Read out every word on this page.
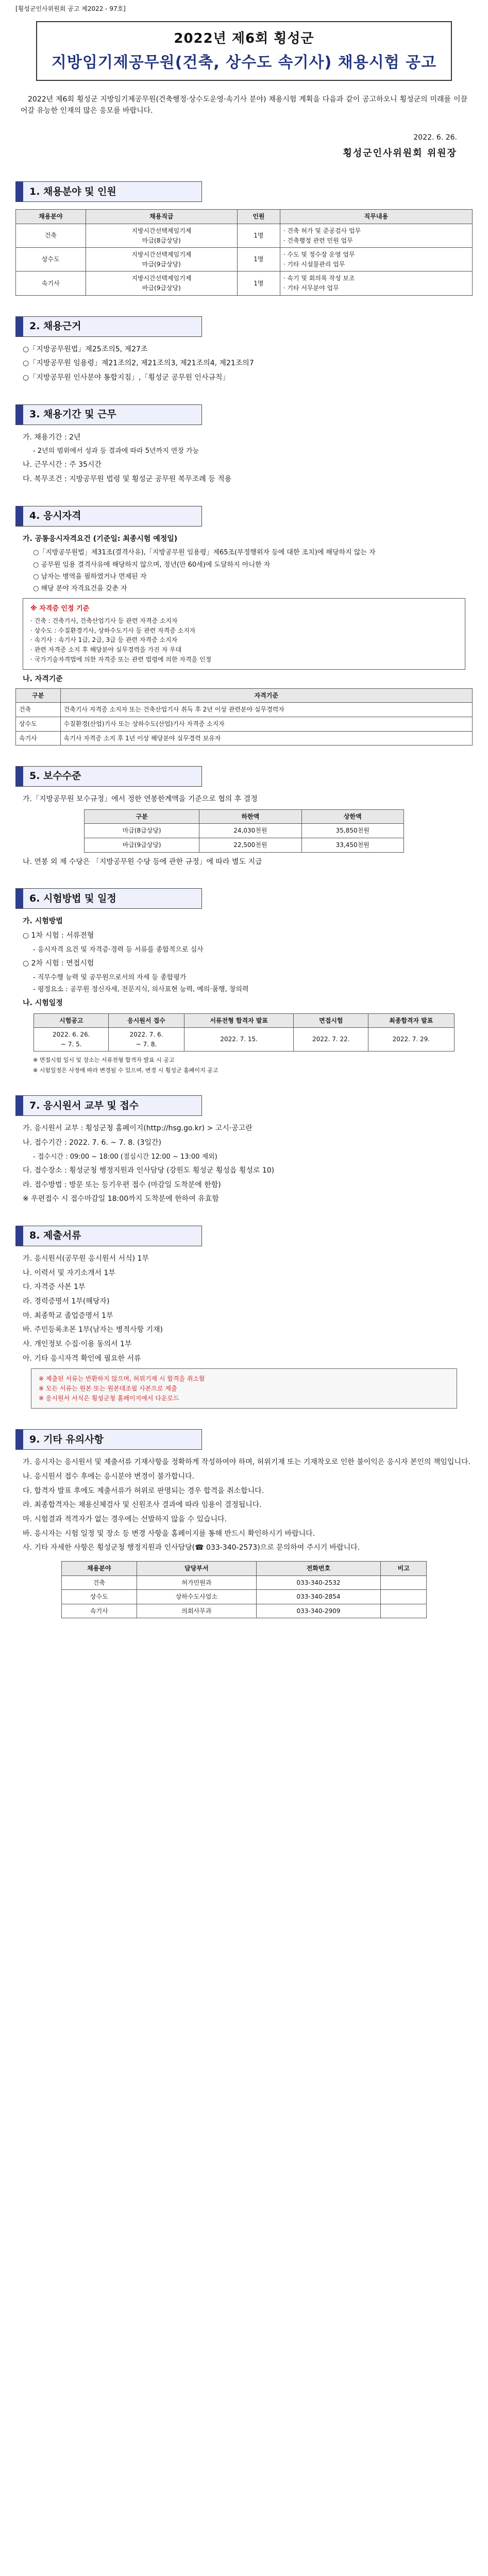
[횡성군인사위원회 공고 제2022 - 97호]
2022년 제6회 횡성군
지방임기제공무원(건축, 상수도 속기사) 채용시험 공고
2022년 제6회 횡성군 지방임기제공무원(건축행정·상수도운영·속기사 분야) 채용시험 계획을 다음과 같이 공고하오니 횡성군의 미래를 이끌어갈 유능한 인재의 많은 응모를 바랍니다.
2022. 6. 26.
횡성군인사위원회 위원장
1. 채용분야 및 인원
채용분야	채용직급	인원	직무내용
건축	지방시간선택제임기제
마급(8급상당)	1명	· 건축 허가 및 준공검사 업무
· 건축행정 관련 민원 업무
상수도	지방시간선택제임기제
마급(9급상당)	1명	· 수도 및 정수장 운영 업무
· 기타 시설물관리 업무
속기사	지방시간선택제임기제
바급(9급상당)	1명	· 속기 및 회의록 작성 보조
· 기타 서무분야 업무
2. 채용근거
○「지방공무원법」제25조의5, 제27조
○「지방공무원 임용령」제21조의2, 제21조의3, 제21조의4, 제21조의7
○「지방공무원 인사분야 통합지침」,「횡성군 공무원 인사규칙」
3. 채용기간 및 근무
가. 채용기간 : 2년
- 2년의 범위에서 성과 등 결과에 따라 5년까지 연장 가능
나. 근무시간 : 주 35시간
다. 복무조건 : 지방공무원 법령 및 횡성군 공무원 복무조례 등 적용
4. 응시자격
가. 공통응시자격요건 (기준일: 최종시험 예정일)
○「지방공무원법」제31조(결격사유),「지방공무원 임용령」제65조(부정행위자 등에 대한 조치)에 해당하지 않는 자
○ 공무원 임용 결격사유에 해당하지 않으며, 정년(만 60세)에 도달하지 아니한 자
○ 남자는 병역을 필하였거나 면제된 자
○ 해당 분야 자격요건을 갖춘 자
※ 자격증 인정 기준
· 건축 : 건축기사, 건축산업기사 등 관련 자격증 소지자
· 상수도 : 수질환경기사, 상하수도기사 등 관련 자격증 소지자
· 속기사 : 속기사 1급, 2급, 3급 등 관련 자격증 소지자
· 관련 자격증 소지 후 해당분야 실무경력을 가진 자 우대
· 국가기술자격법에 의한 자격증 또는 관련 법령에 의한 자격을 인정
나. 자격기준
구분	자격기준
건축	건축기사 자격증 소지자 또는 건축산업기사 취득 후 2년 이상 관련분야 실무경력자
상수도	수질환경(산업)기사 또는 상하수도(산업)기사 자격증 소지자
속기사	속기사 자격증 소지 후 1년 이상 해당분야 실무경력 보유자
5. 보수수준
가.「지방공무원 보수규정」에서 정한 연봉한계액을 기준으로 협의 후 결정
구분	하한액	상한액
마급(8급상당)	24,030천원	35,850천원
바급(9급상당)	22,500천원	33,450천원
나. 연봉 외 제 수당은 「지방공무원 수당 등에 관한 규정」에 따라 별도 지급
6. 시험방법 및 일정
가. 시험방법
○ 1차 시험 : 서류전형
- 응시자격 요건 및 자격증·경력 등 서류를 종합적으로 심사
○ 2차 시험 : 면접시험
- 직무수행 능력 및 공무원으로서의 자세 등 종합평가
- 평정요소 : 공무원 정신자세, 전문지식, 의사표현 능력, 예의·품행, 창의력
나. 시험일정
시험공고	응시원서 접수	서류전형 합격자 발표	면접시험	최종합격자 발표
2022. 6. 26.
~ 7. 5.	2022. 7. 6.
~ 7. 8.	2022. 7. 15.	2022. 7. 22.	2022. 7. 29.
※ 면접시험 일시 및 장소는 서류전형 합격자 발표 시 공고
※ 시험일정은 사정에 따라 변경될 수 있으며, 변경 시 횡성군 홈페이지 공고
7. 응시원서 교부 및 접수
가. 응시원서 교부 : 횡성군청 홈페이지(http://hsg.go.kr) > 고시·공고란
나. 접수기간 : 2022. 7. 6. ~ 7. 8. (3일간)
- 접수시간 : 09:00 ~ 18:00 (점심시간 12:00 ~ 13:00 제외)
다. 접수장소 : 횡성군청 행정지원과 인사담당 (강원도 횡성군 횡성읍 횡성로 10)
라. 접수방법 : 방문 또는 등기우편 접수 (마감일 도착분에 한함)
※ 우편접수 시 접수마감일 18:00까지 도착분에 한하여 유효함
8. 제출서류
가. 응시원서(공무원 응시원서 서식) 1부
나. 이력서 및 자기소개서 1부
다. 자격증 사본 1부
라. 경력증명서 1부(해당자)
마. 최종학교 졸업증명서 1부
바. 주민등록초본 1부(남자는 병적사항 기재)
사. 개인정보 수집·이용 동의서 1부
아. 기타 응시자격 확인에 필요한 서류
※ 제출된 서류는 반환하지 않으며, 허위기재 시 합격을 취소함
※ 모든 서류는 원본 또는 원본대조필 사본으로 제출
※ 응시원서 서식은 횡성군청 홈페이지에서 다운로드
9. 기타 유의사항
가. 응시자는 응시원서 및 제출서류 기재사항을 정확하게 작성하여야 하며, 허위기재 또는 기재착오로 인한 불이익은 응시자 본인의 책임입니다.
나. 응시원서 접수 후에는 응시분야 변경이 불가합니다.
다. 합격자 발표 후에도 제출서류가 허위로 판명되는 경우 합격을 취소합니다.
라. 최종합격자는 채용신체검사 및 신원조사 결과에 따라 임용이 결정됩니다.
마. 시험결과 적격자가 없는 경우에는 선발하지 않을 수 있습니다.
바. 응시자는 시험 일정 및 장소 등 변경 사항을 홈페이지를 통해 반드시 확인하시기 바랍니다.
사. 기타 자세한 사항은 횡성군청 행정지원과 인사담당(☎ 033-340-2573)으로 문의하여 주시기 바랍니다.
채용분야	담당부서	전화번호	비고
건축	허가민원과	033-340-2532	
상수도	상하수도사업소	033-340-2854	
속기사	의회사무과	033-340-2909	
